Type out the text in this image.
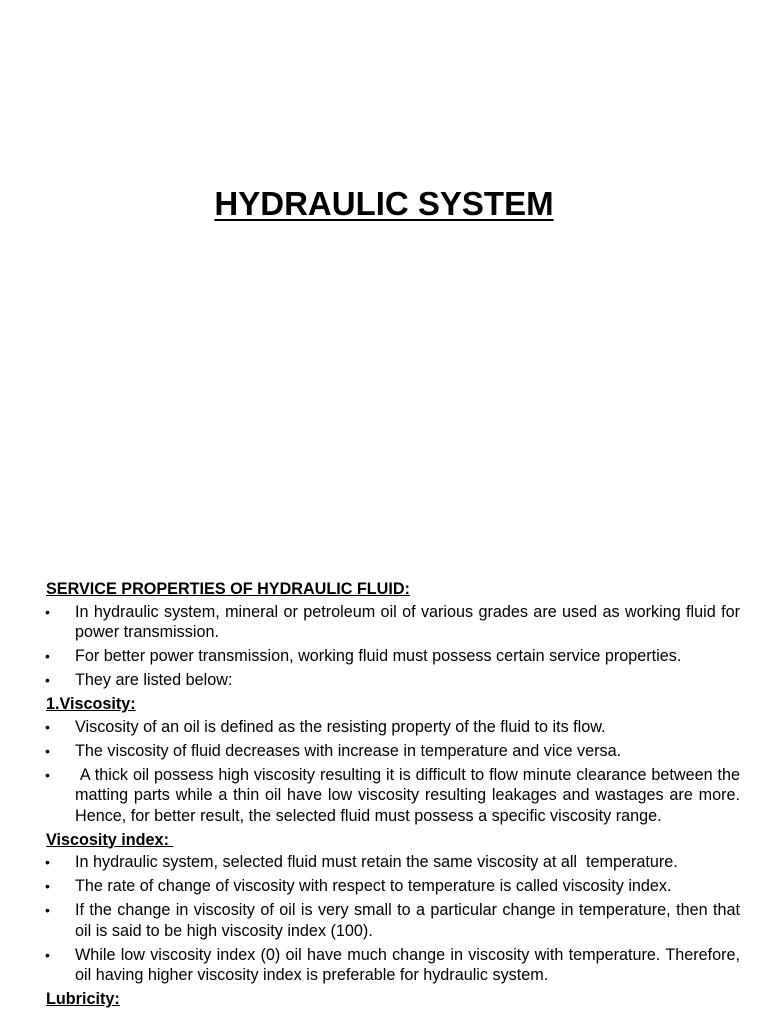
HYDRAULIC SYSTEM
SERVICE PROPERTIES OF HYDRAULIC FLUID:
• In hydraulic system, mineral or petroleum oil of various grades are used as working fluid for power transmission.
• For better power transmission, working fluid must possess certain service properties.
• They are listed below:
1.Viscosity:
• Viscosity of an oil is defined as the resisting property of the fluid to its flow.
• The viscosity of fluid decreases with increase in temperature and vice versa.
• A thick oil possess high viscosity resulting it is difficult to flow minute clearance between the matting parts while a thin oil have low viscosity resulting leakages and wastages are more. Hence, for better result, the selected fluid must possess a specific viscosity range.
Viscosity index:
• In hydraulic system, selected fluid must retain the same viscosity at all  temperature.
• The rate of change of viscosity with respect to temperature is called viscosity index.
• If the change in viscosity of oil is very small to a particular change in temperature, then that oil is said to be high viscosity index (100).
• While low viscosity index (0) oil have much change in viscosity with temperature. Therefore, oil having higher viscosity index is preferable for hydraulic system.
Lubricity:
